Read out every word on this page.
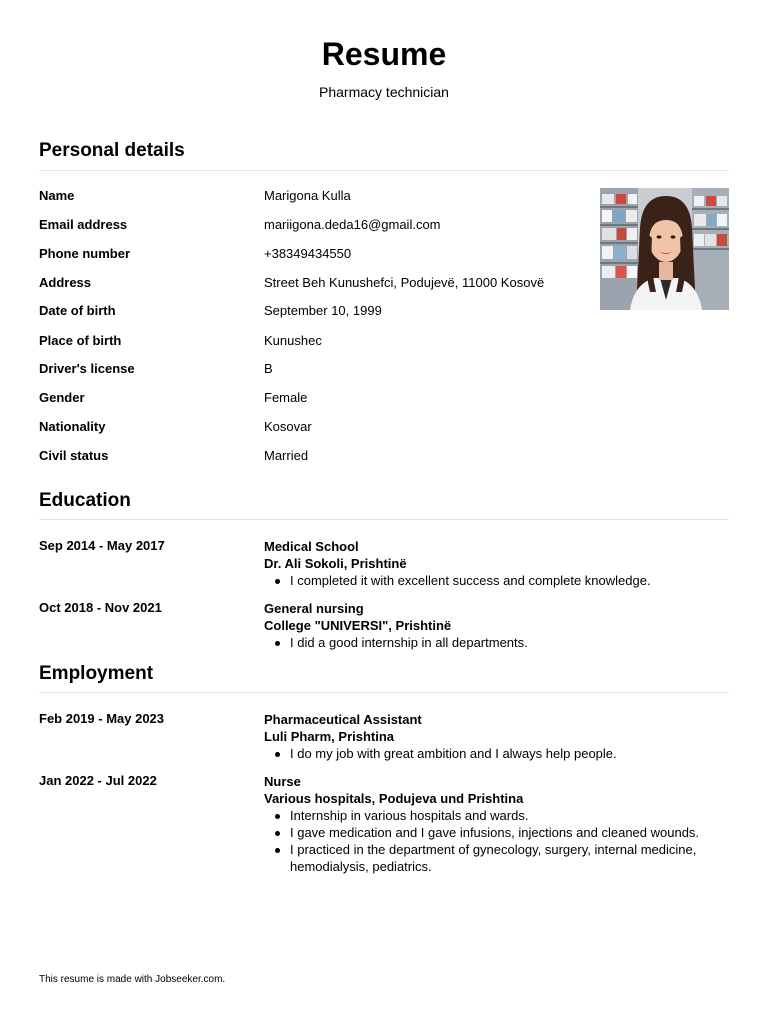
Resume
Pharmacy technician
Personal details
Name	Marigona Kulla
Email address	mariigona.deda16@gmail.com
Phone number	+38349434550
Address	Street Beh Kunushefci, Podujevë, 11000 Kosovë
Date of birth	September 10, 1999
Place of birth	Kunushec
Driver's license	B
Gender	Female
Nationality	Kosovar
Civil status	Married
Education
Sep 2014 - May 2017	Medical School
Dr. Ali Sokoli, Prishtinë
I completed it with excellent success and complete knowledge.
Oct 2018 - Nov 2021	General nursing
College "UNIVERSI", Prishtinë
I did a good internship in all departments.
Employment
Feb 2019 - May 2023	Pharmaceutical Assistant
Luli Pharm, Prishtina
I do my job with great ambition and I always help people.
Jan 2022 - Jul 2022	Nurse
Various hospitals, Podujeva und Prishtina
Internship in various hospitals and wards.
I gave medication and I gave infusions, injections and cleaned wounds.
I practiced in the department of gynecology, surgery, internal medicine, hemodialysis, pediatrics.
This resume is made with Jobseeker.com.
